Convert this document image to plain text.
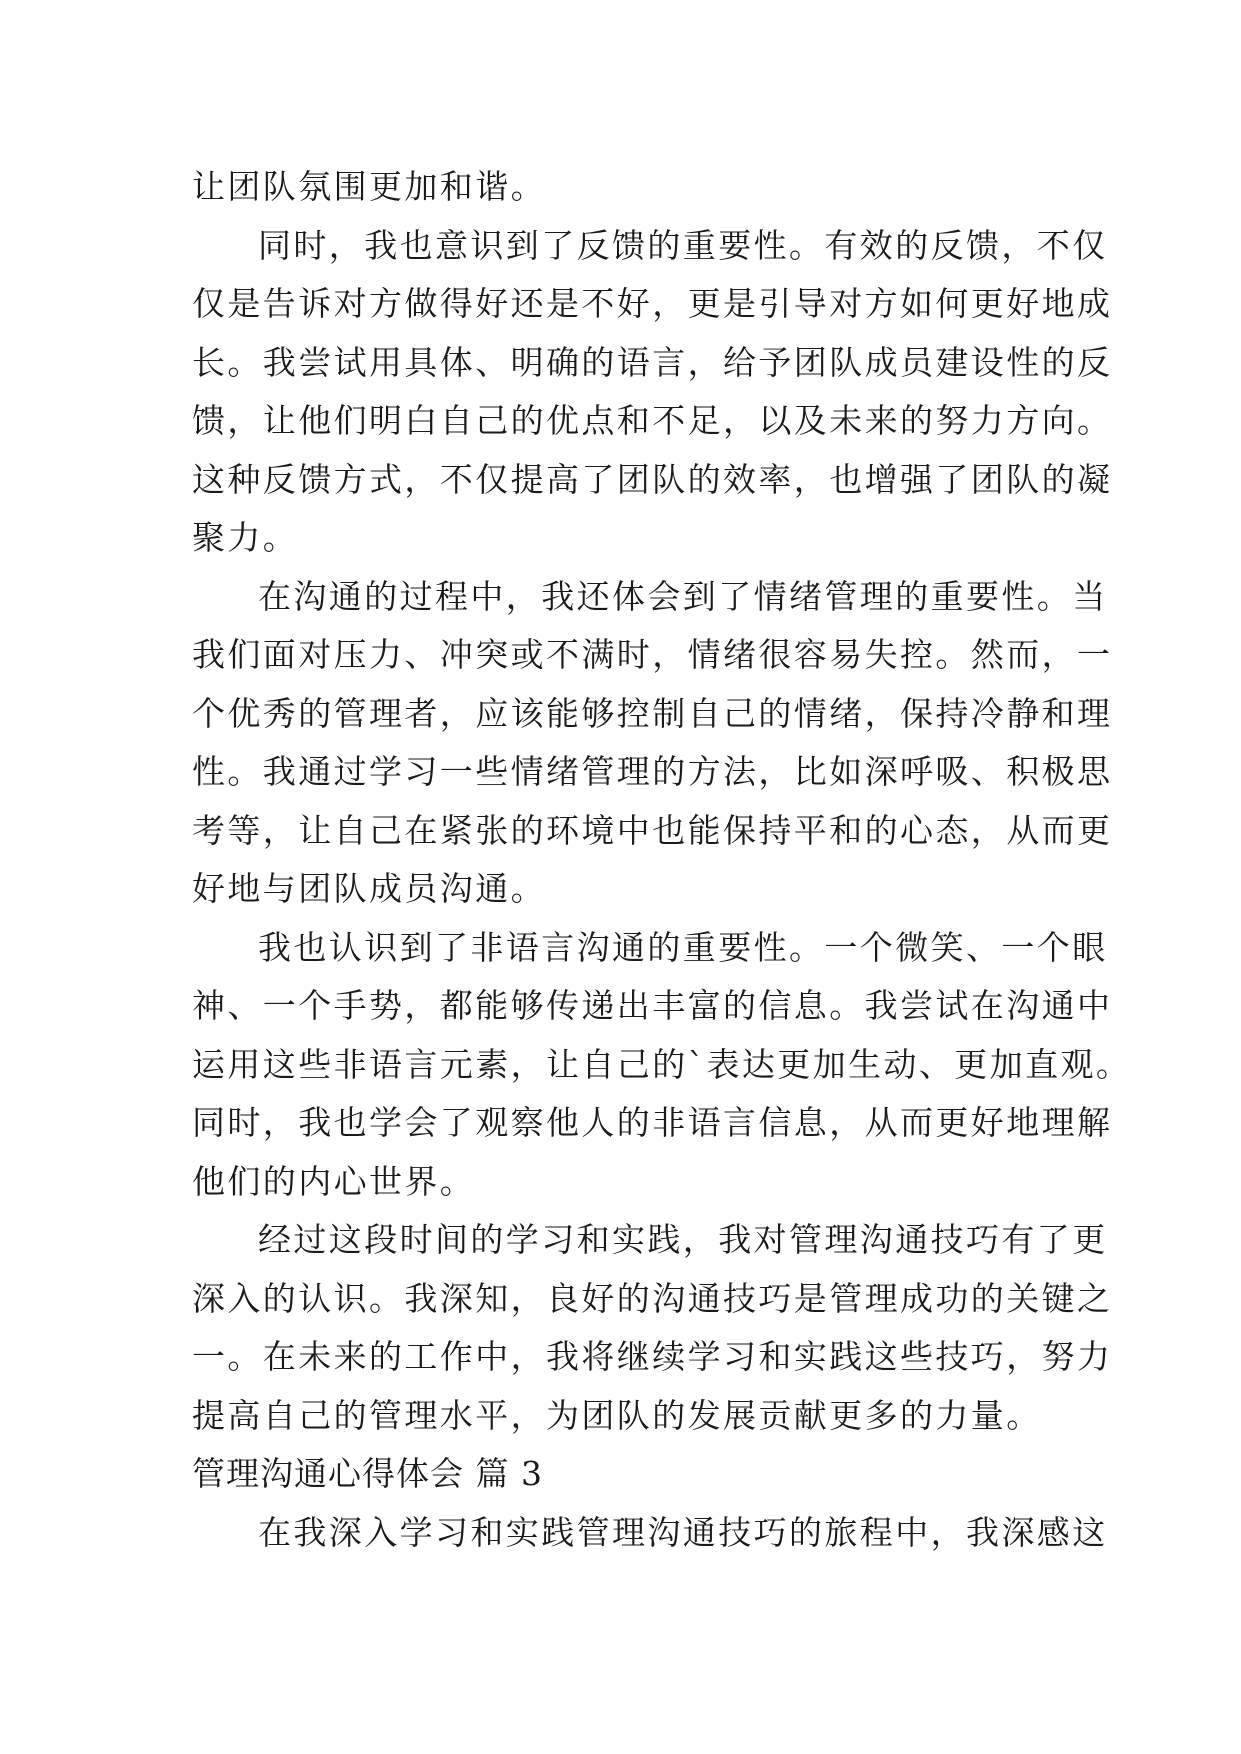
让团队氛围更加和谐。
同时，我也意识到了反馈的重要性。有效的反馈，不仅
仅是告诉对方做得好还是不好，更是引导对方如何更好地成
长。我尝试用具体、明确的语言，给予团队成员建设性的反
馈，让他们明白自己的优点和不足，以及未来的努力方向。
这种反馈方式，不仅提高了团队的效率，也增强了团队的凝
聚力。
在沟通的过程中，我还体会到了情绪管理的重要性。当
我们面对压力、冲突或不满时，情绪很容易失控。然而，一
个优秀的管理者，应该能够控制自己的情绪，保持冷静和理
性。我通过学习一些情绪管理的方法，比如深呼吸、积极思
考等，让自己在紧张的环境中也能保持平和的心态，从而更
好地与团队成员沟通。
我也认识到了非语言沟通的重要性。一个微笑、一个眼
神、一个手势，都能够传递出丰富的信息。我尝试在沟通中
运用这些非语言元素，让自己的`表达更加生动、更加直观。
同时，我也学会了观察他人的非语言信息，从而更好地理解
他们的内心世界。
经过这段时间的学习和实践，我对管理沟通技巧有了更
深入的认识。我深知，良好的沟通技巧是管理成功的关键之
一。在未来的工作中，我将继续学习和实践这些技巧，努力
提高自己的管理水平，为团队的发展贡献更多的力量。
管理沟通心得体会 篇 3
在我深入学习和实践管理沟通技巧的旅程中，我深感这
